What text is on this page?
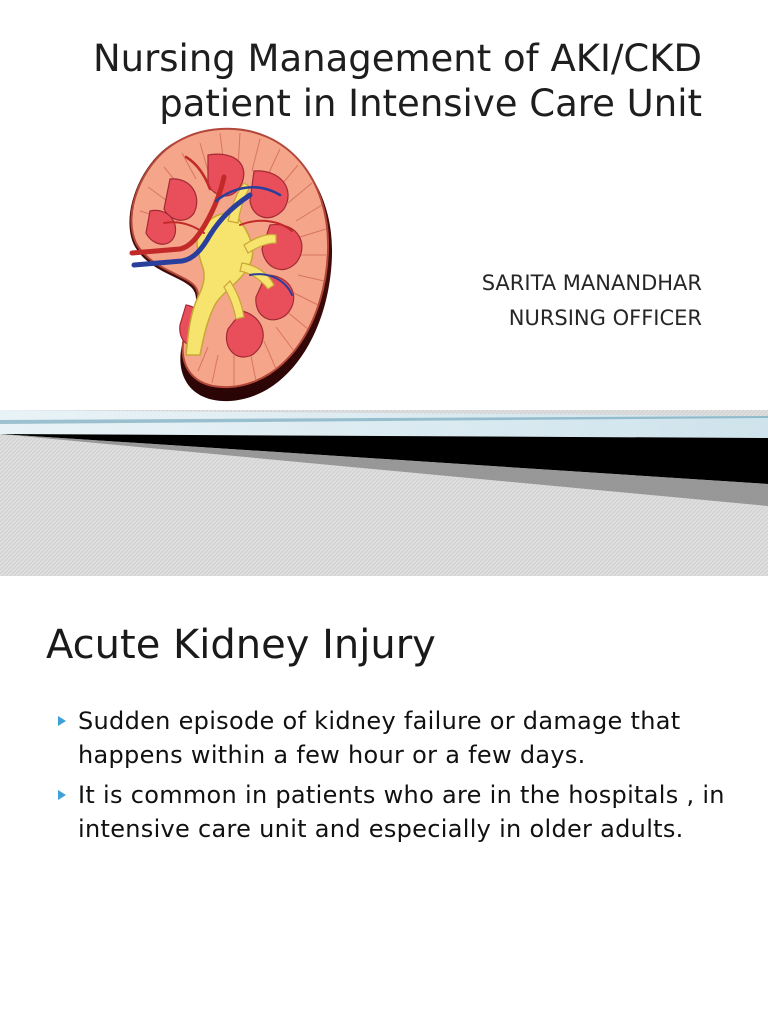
Nursing Management of AKI/CKD patient in Intensive Care Unit
SARITA MANANDHAR
NURSING OFFICER
Acute Kidney Injury
Sudden episode of kidney failure or damage that happens within a few hour or a few days.
It is common in patients who are in the hospitals , in intensive care unit and especially in older adults.
